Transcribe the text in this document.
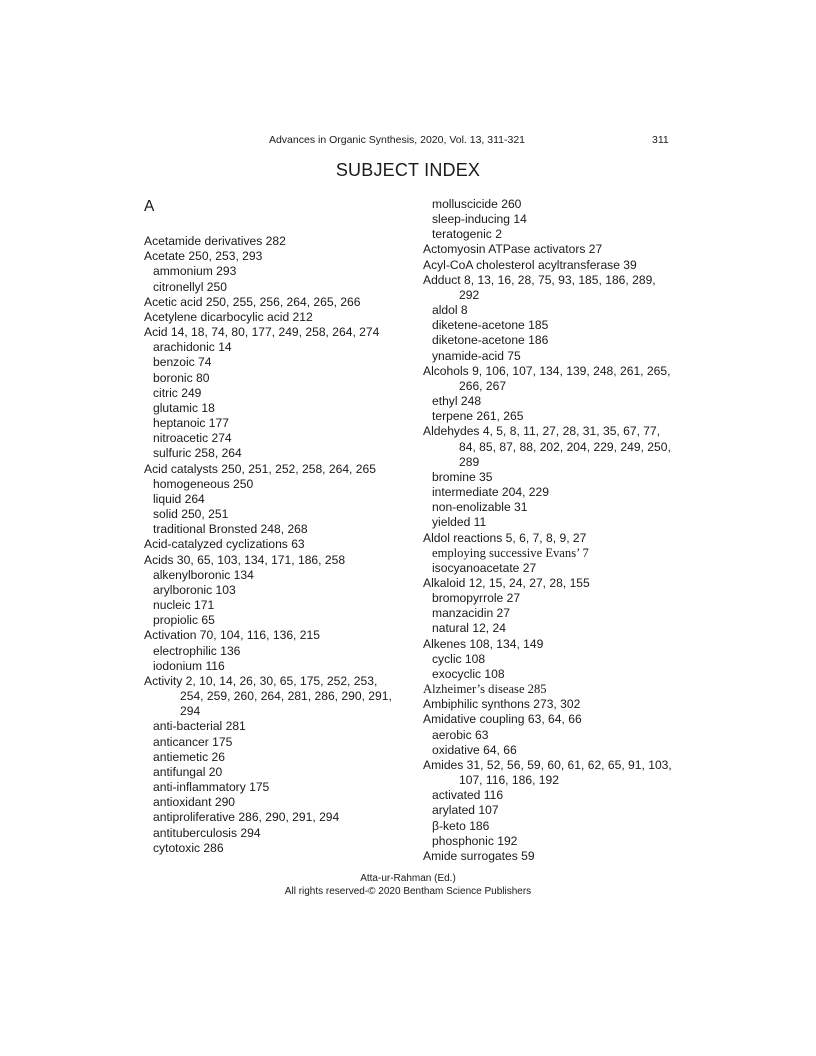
Advances in Organic Synthesis, 2020, Vol. 13, 311-321	311
SUBJECT INDEX
A
Acetamide derivatives 282
Acetate 250, 253, 293
ammonium 293
citronellyl 250
Acetic acid 250, 255, 256, 264, 265, 266
Acetylene dicarbocylic acid 212
Acid 14, 18, 74, 80, 177, 249, 258, 264, 274
arachidonic 14
benzoic 74
boronic 80
citric 249
glutamic 18
heptanoic 177
nitroacetic 274
sulfuric 258, 264
Acid catalysts 250, 251, 252, 258, 264, 265
homogeneous 250
liquid 264
solid 250, 251
traditional Bronsted 248, 268
Acid-catalyzed cyclizations 63
Acids 30, 65, 103, 134, 171, 186, 258
alkenylboronic 134
arylboronic 103
nucleic 171
propiolic 65
Activation 70, 104, 116, 136, 215
electrophilic 136
iodonium 116
Activity 2, 10, 14, 26, 30, 65, 175, 252, 253,
254, 259, 260, 264, 281, 286, 290, 291,
294
anti-bacterial 281
anticancer 175
antiemetic 26
antifungal 20
anti-inflammatory 175
antioxidant 290
antiproliferative 286, 290, 291, 294
antituberculosis 294
cytotoxic 286
molluscicide 260
sleep-inducing 14
teratogenic 2
Actomyosin ATPase activators 27
Acyl-CoA cholesterol acyltransferase 39
Adduct 8, 13, 16, 28, 75, 93, 185, 186, 289,
292
aldol 8
diketene-acetone 185
diketone-acetone 186
ynamide-acid 75
Alcohols 9, 106, 107, 134, 139, 248, 261, 265,
266, 267
ethyl 248
terpene 261, 265
Aldehydes 4, 5, 8, 11, 27, 28, 31, 35, 67, 77,
84, 85, 87, 88, 202, 204, 229, 249, 250,
289
bromine 35
intermediate 204, 229
non-enolizable 31
yielded 11
Aldol reactions 5, 6, 7, 8, 9, 27
employing successive Evans’ 7
isocyanoacetate 27
Alkaloid 12, 15, 24, 27, 28, 155
bromopyrrole 27
manzacidin 27
natural 12, 24
Alkenes 108, 134, 149
cyclic 108
exocyclic 108
Alzheimer’s disease 285
Ambiphilic synthons 273, 302
Amidative coupling 63, 64, 66
aerobic 63
oxidative 64, 66
Amides 31, 52, 56, 59, 60, 61, 62, 65, 91, 103,
107, 116, 186, 192
activated 116
arylated 107
β-keto 186
phosphonic 192
Amide surrogates 59
Atta-ur-Rahman (Ed.)
All rights reserved-© 2020 Bentham Science Publishers
